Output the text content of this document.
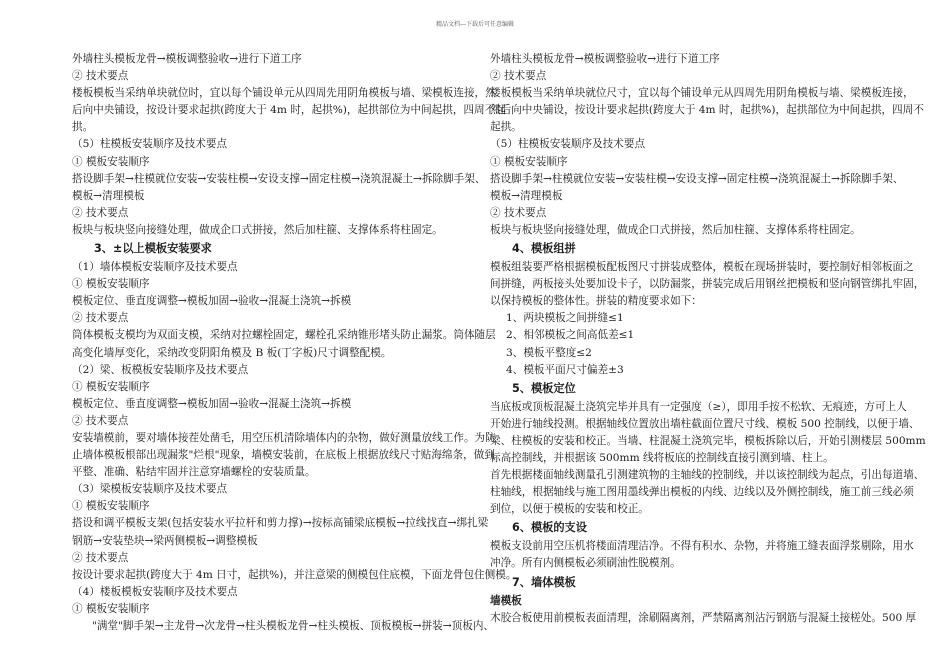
精品文档---下载后可任意编辑
外墙柱头模板龙骨→模板调整验收→进行下道工序
② 技术要点
楼板模板当采纳单块就位时，宜以每个铺设单元从四周先用阴角模板与墙、梁模板连接，然
后向中央铺设，按设计要求起拱(跨度大于 4m 时，起拱%)，起拱部位为中间起拱，四周不起
拱。
（5）柱模板安装顺序及技术要点
① 模板安装顺序
搭设脚手架→柱模就位安装→安装柱模→安设支撑→固定柱模→浇筑混凝土→拆除脚手架、
模板→清理模板
② 技术要点
板块与板块竖向接缝处理，做成企口式拼接，然后加柱箍、支撑体系将柱固定。
3、±以上模板安装要求
（1）墙体模板安装顺序及技术要点
① 模板安装顺序
模板定位、垂直度调整→模板加固→验收→混凝土浇筑→拆模
② 技术要点
筒体模板支模均为双面支模，采纳对拉螺栓固定，螺栓孔采纳锥形堵头防止漏浆。筒体随层
高变化墙厚变化，采纳改变阴阳角模及 B 板(丁字板)尺寸调整配模。
（2）梁、板模板安装顺序及技术要点
① 模板安装顺序
模板定位、垂直度调整→模板加固→验收→混凝土浇筑→拆模
② 技术要点
安装墙模前，要对墙体接茬处凿毛，用空压机清除墙体内的杂物，做好测量放线工作。为防
止墙体模板根部出现漏浆"烂根"现象，墙模安装前，在底板上根据放线尺寸贴海绵条，做到
平整、准确、粘结牢固并注意穿墙螺栓的安装质量。
（3）梁模板安装顺序及技术要点
① 模板安装顺序
搭设和调平模板支架(包括安装水平拉杆和剪力撑)→按标高铺梁底模板→拉线找直→绑扎梁
钢筋→安装垫块→梁两侧模板→调整模板
② 技术要点
按设计要求起拱(跨度大于 4m 日寸，起拱%)，并注意梁的侧模包住底模，下面龙骨包住侧模。
（4）楼板模板安装顺序及技术要点
① 模板安装顺序
"满堂"脚手架→主龙骨→次龙骨→柱头模板龙骨→柱头模板、顶板模板→拼装→顶板内、
外墙柱头模板龙骨→模板调整验收→进行下道工序
② 技术要点
楼板模板当采纳单块就位尺寸，宜以每个铺设单元从四周先用阴角模板与墙、梁模板连接，
然后向中央铺设，按设计要求起拱(跨度大于 4m 时，起拱%)，起拱部位为中间起拱，四周不
起拱。
（5）柱模板安装顺序及技术要点
① 模板安装顺序
搭设脚手架→柱模就位安装→安装柱模→安设支撑→固定柱模→浇筑混凝土→拆除脚手架、
模板→清理模板
② 技术要点
板块与板块竖向接缝处理，做成企口式拼接，然后加柱箍、支撑体系将柱固定。
4、模板组拼
模板组装要严格根据模板配板图尺寸拼装成整体，模板在现场拼装时，要控制好相邻板面之
间拼缝，两板接头处要加设卡子，以防漏浆，拼装完成后用钢丝把模板和竖向钢管绑扎牢固，
以保持模板的整体性。拼装的精度要求如下：
1、两块模板之间拼缝≤1
2、相邻模板之间高低差≤1
3、模板平整度≤2
4、模板平面尺寸偏差±3
5、模板定位
当底板或顶板混凝土浇筑完毕并具有一定强度（≥），即用手按不松软、无痕迹，方可上人
开始进行轴线投测。根据轴线位置放出墙柱截面位置尺寸线、模板 500 控制线，以便于墙、
梁、柱模板的安装和校正。当墙、柱混凝土浇筑完毕，模板拆除以后，开始引测楼层 500mm
标高控制线，并根据该 500mm 线将板底的控制线直接引测到墙、柱上。
首先根据楼面轴线测量孔引测建筑物的主轴线的控制线，并以该控制线为起点，引出每道墙、
柱轴线，根据轴线与施工图用墨线弹出模板的内线、边线以及外侧控制线，施工前三线必须
到位，以便于模板的安装和校正。
6、模板的支设
模板支设前用空压机将楼面清理洁净。不得有积水、杂物，并将施工缝表面浮浆剔除，用水
冲净。所有内侧模板必须刷油性脱模剂。
7、墙体模板
墙模板
木胶合板使用前模板表面清理，涂刷隔离剂，严禁隔离剂沾污钢筋与混凝土接槎处。500 厚
